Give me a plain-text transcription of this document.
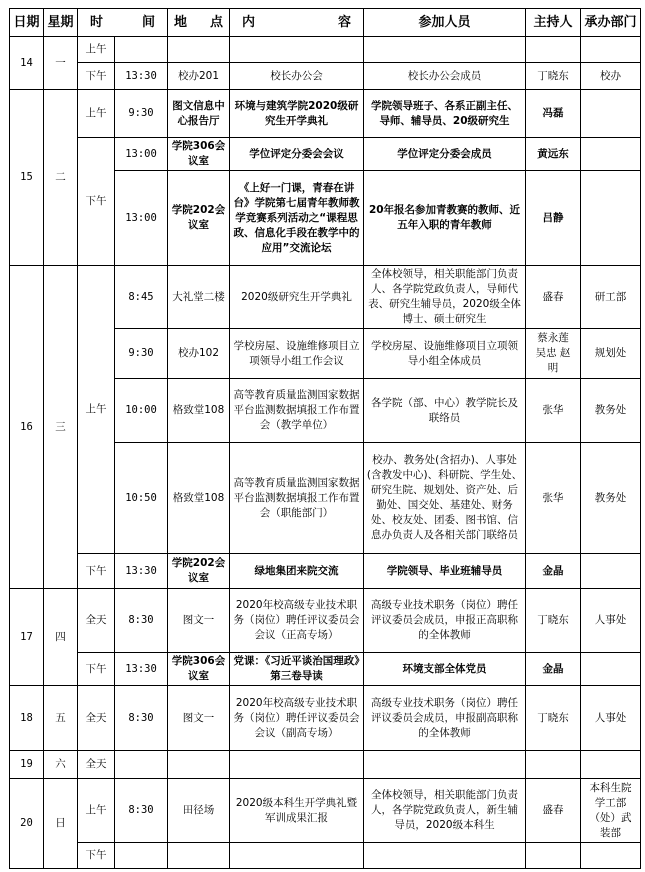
日期	星期	时 间		地 点	内 容	参加人员	主持人	承办部门
14	一	上午						
		下午	13:30	校办201	校长办公会	校长办公会成员	丁晓东	校办
15	二	上午	9:30	图文信息中心报告厅	环境与建筑学院2020级研究生开学典礼	学院领导班子、各系正副主任、导师、辅导员、20级研究生	冯磊	
		下午	13:00	学院306会议室	学位评定分委会会议	学位评定分委会成员	黄远东	
			13:00	学院202会议室	《上好一门课，青春在讲台》学院第七届青年教师教学竞赛系列活动之“课程思政、信息化手段在教学中的应用”交流论坛	20年报名参加青教赛的教师、近五年入职的青年教师	吕静	
16	三	上午	8:45	大礼堂二楼	2020级研究生开学典礼	全体校领导，相关职能部门负责人、各学院党政负责人，导师代表、研究生辅导员，2020级全体博士、硕士研究生	盛春	研工部
			9:30	校办102	学校房屋、设施维修项目立项领导小组工作会议	学校房屋、设施维修项目立项领导小组全体成员	蔡永莲 吴忠 赵明	规划处
			10:00	格致堂108	高等教育质量监测国家数据平台监测数据填报工作布置会（教学单位）	各学院（部、中心）教学院长及联络员	张华	教务处
			10:50	格致堂108	高等教育质量监测国家数据平台监测数据填报工作布置会（职能部门）	校办、教务处(含招办)、人事处(含教发中心)、科研院、学生处、研究生院、规划处、资产处、后勤处、国交处、基建处、财务处、校友处、团委、图书馆、信息办负责人及各相关部门联络员	张华	教务处
		下午	13:30	学院202会议室	绿地集团来院交流	学院领导、毕业班辅导员	金晶	
17	四	全天	8:30	图文一	2020年校高级专业技术职务（岗位）聘任评议委员会会议（正高专场）	高级专业技术职务（岗位）聘任评议委员会成员，申报正高职称的全体教师	丁晓东	人事处
		下午	13:30	学院306会议室	党课：《习近平谈治国理政》第三卷导读	环境支部全体党员	金晶	
18	五	全天	8:30	图文一	2020年校高级专业技术职务（岗位）聘任评议委员会会议（副高专场）	高级专业技术职务（岗位）聘任评议委员会成员，申报副高职称的全体教师	丁晓东	人事处
19	六	全天						
20	日	上午	8:30	田径场	2020级本科生开学典礼暨军训成果汇报	全体校领导，相关职能部门负责人，各学院党政负责人，新生辅导员，2020级本科生	盛春	本科生院学工部（处）武装部
		下午						
